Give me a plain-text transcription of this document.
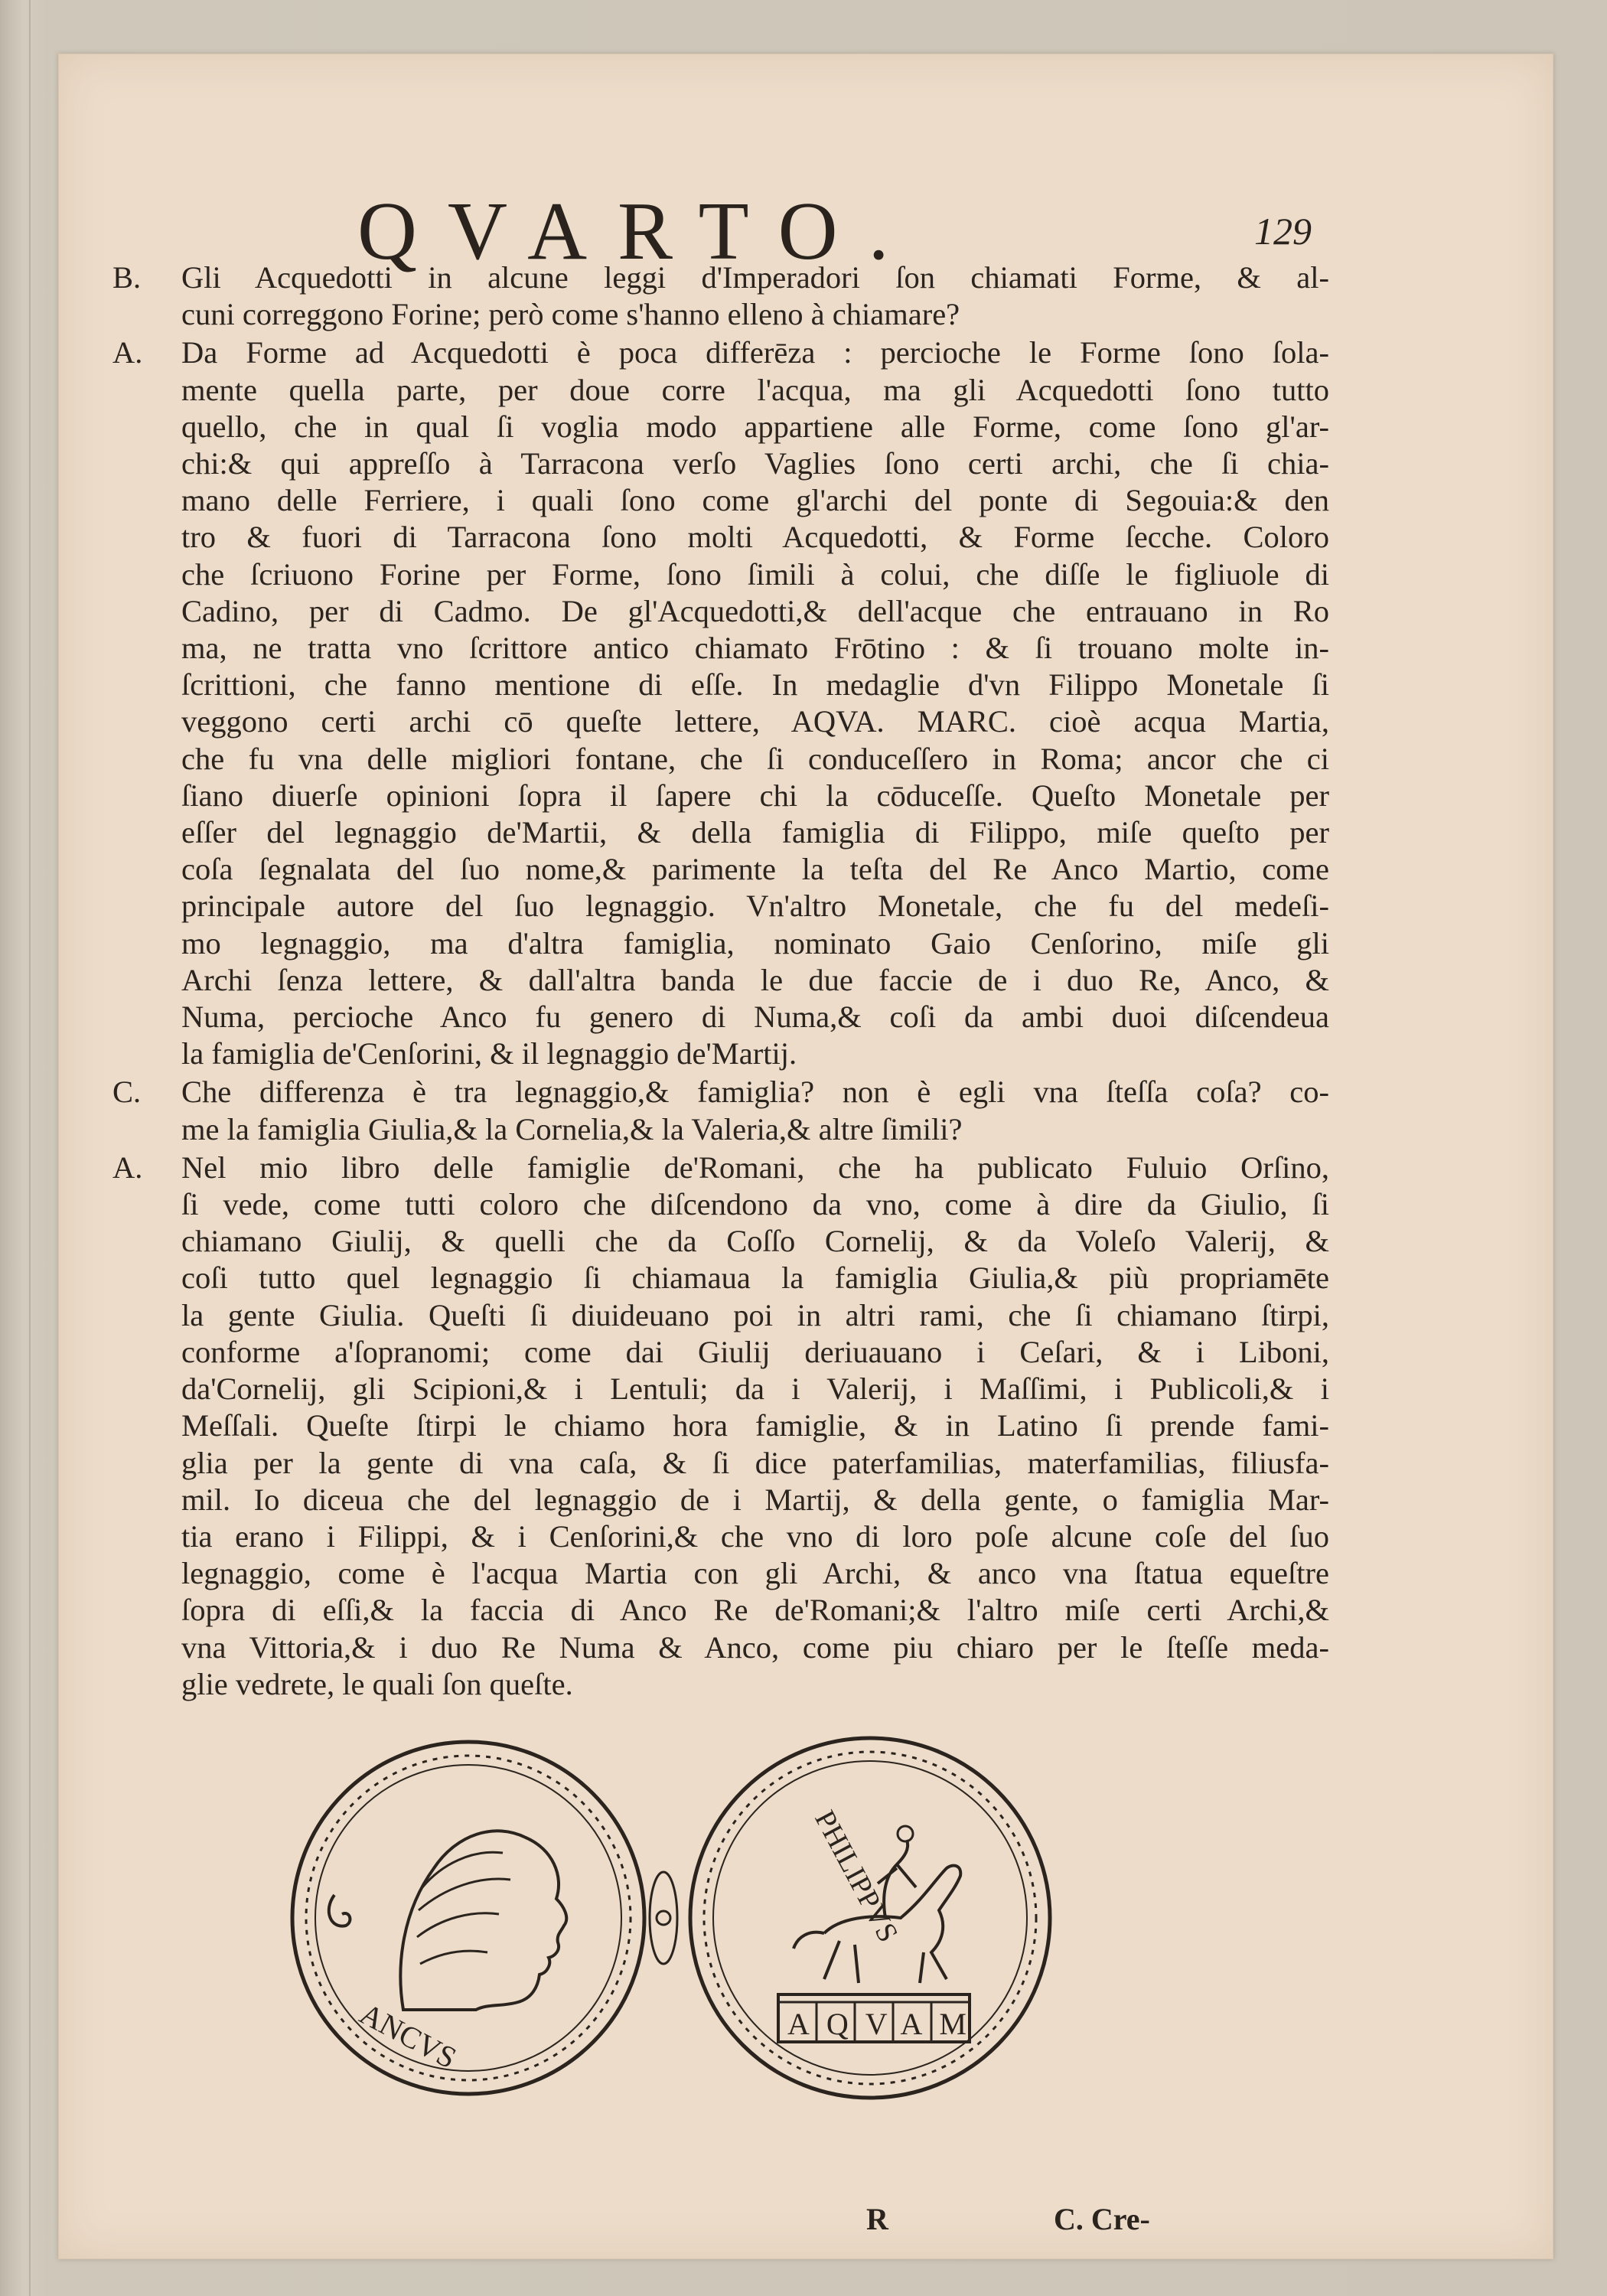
QVARTO.	129
B.	Gli Acquedotti in alcune leggi d'Imperadori ſon chiamati Forme, & al-
cuni correggono Forine; però come s'hanno elleno à chiamare?
A.	Da Forme ad Acquedotti è poca differēza : percioche le Forme ſono ſola-
mente quella parte, per doue corre l'acqua, ma gli Acquedotti ſono tutto
quello, che in qual ſi voglia modo appartiene alle Forme, come ſono gl'ar-
chi:& qui appreſſo à Tarracona verſo Vaglies ſono certi archi, che ſi chia-
mano delle Ferriere, i quali ſono come gl'archi del ponte di Segouia:& den
tro & fuori di Tarracona ſono molti Acquedotti, & Forme ſecche. Coloro
che ſcriuono Forine per Forme, ſono ſimili à colui, che diſſe le figliuole di
Cadino, per di Cadmo. De gl'Acquedotti,& dell'acque che entrauano in Ro
ma, ne tratta vno ſcrittore antico chiamato Frōtino : & ſi trouano molte in-
ſcrittioni, che fanno mentione di eſſe. In medaglie d'vn Filippo Monetale ſi
veggono certi archi cō queſte lettere, AQVA. MARC. cioè acqua Martia,
che fu vna delle migliori fontane, che ſi conduceſſero in Roma; ancor che ci
ſiano diuerſe opinioni ſopra il ſapere chi la cōduceſſe. Queſto Monetale per
eſſer del legnaggio de'Martii, & della famiglia di Filippo, miſe queſto per
coſa ſegnalata del ſuo nome,& parimente la teſta del Re Anco Martio, come
principale autore del ſuo legnaggio. Vn'altro Monetale, che fu del medeſi-
mo legnaggio, ma d'altra famiglia, nominato Gaio Cenſorino, miſe gli
Archi ſenza lettere, & dall'altra banda le due faccie de i duo Re, Anco, &
Numa, percioche Anco fu genero di Numa,& coſi da ambi duoi diſcendeua
la famiglia de'Cenſorini, & il legnaggio de'Martij.
C.	Che differenza è tra legnaggio,& famiglia? non è egli vna ſteſſa coſa? co-
me la famiglia Giulia,& la Cornelia,& la Valeria,& altre ſimili?
A.	Nel mio libro delle famiglie de'Romani, che ha publicato Fuluio Orſino,
ſi vede, come tutti coloro che diſcendono da vno, come à dire da Giulio, ſi
chiamano Giulij, & quelli che da Coſſo Cornelij, & da Voleſo Valerij, &
coſi tutto quel legnaggio ſi chiamaua la famiglia Giulia,& più propriamēte
la gente Giulia. Queſti ſi diuideuano poi in altri rami, che ſi chiamano ſtirpi,
conforme a'ſopranomi; come dai Giulij deriuauano i Ceſari, & i Liboni,
da'Cornelij, gli Scipioni,& i Lentuli; da i Valerij, i Maſſimi, i Publicoli,& i
Meſſali. Queſte ſtirpi le chiamo hora famiglie, & in Latino ſi prende fami-
glia per la gente di vna caſa, & ſi dice paterfamilias, materfamilias, filiusfa-
mil. Io diceua che del legnaggio de i Martij, & della gente, o famiglia Mar-
tia erano i Filippi, & i Cenſorini,& che vno di loro poſe alcune coſe del ſuo
legnaggio, come è l'acqua Martia con gli Archi, & anco vna ſtatua equeſtre
ſopra di eſſi,& la faccia di Anco Re de'Romani;& l'altro miſe certi Archi,&
vna Vittoria,& i duo Re Numa & Anco, come piu chiaro per le ſteſſe meda-
glie vedrete, le quali ſon queſte.
ANCVS	AQVAM
PHILIPPVS
R	C. Cre-
